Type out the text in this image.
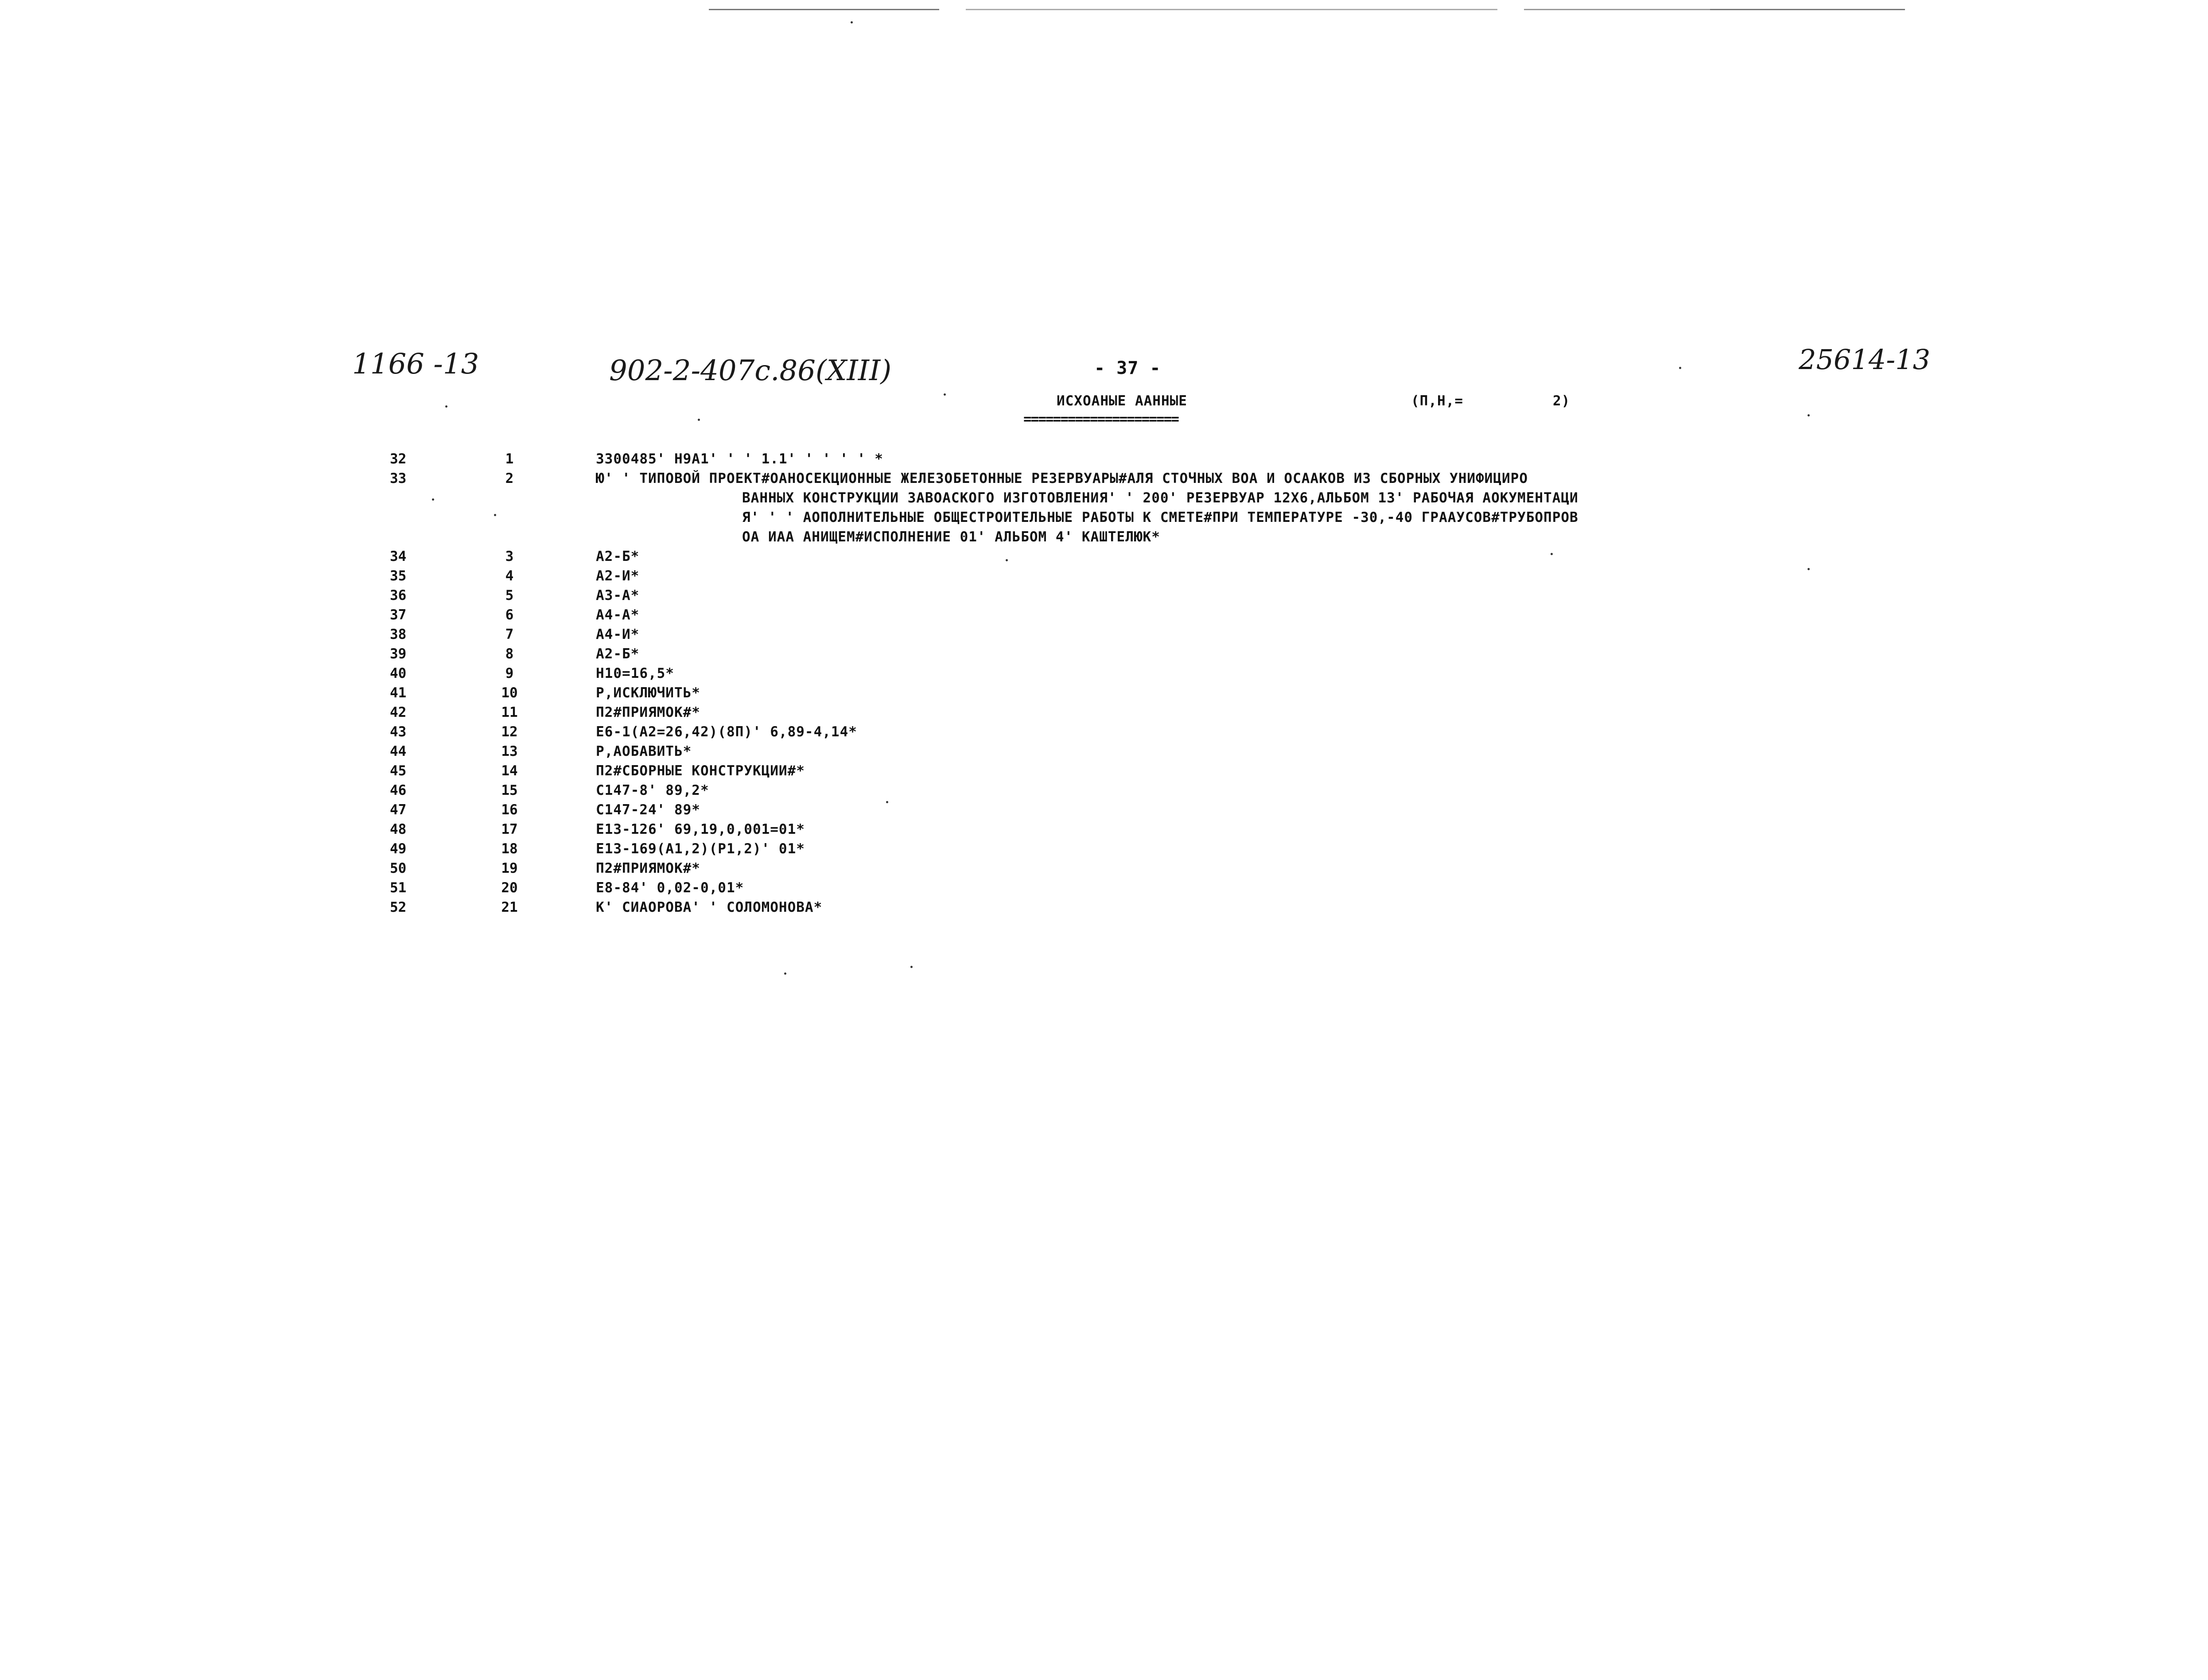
1166 -13	902-2-407c.86(XIII)	25614-13
- 37 -
ИСХОАНЫЕ АAННЫЕ
=====================
(П,Н,=	2)
32	1	3300485' Н9А1' ' ' 1.1' ' ' ' ' *
33	2	Ю' ' ТИПОВОЙ ПРОЕКТ#ОАНОСЕКЦИОННЫЕ ЖЕЛЕЗОБЕТОННЫЕ РЕЗЕРВУАРЫ#АЛЯ СТОЧНЫХ ВОА И ОСААКОВ ИЗ СБОРНЫХ УНИФИЦИРО
ВАННЫХ КОНСТРУКЦИИ ЗАВОАСКОГО ИЗГОТОВЛЕНИЯ' ' 200' РЕЗЕРВУАР 12Х6,АЛЬБОМ 13' РАБОЧАЯ АОКУМЕНТАЦИ
Я' ' ' AОПОЛНИТЕЛЬНЫЕ ОБЩЕСТРОИТЕЛЬНЫЕ РАБОТЫ К СМЕТЕ#ПРИ ТЕМПЕРАТУРЕ -30,-40 ГРААУСОВ#ТРУБОПРОВ
ОА ИАА АНИЩЕМ#ИСПОЛНЕНИЕ 01' АЛЬБОМ 4' КАШТЕЛЮК*
34	3	А2-Б*
35	4	А2-И*
36	5	А3-А*
37	6	А4-А*
38	7	А4-И*
39	8	А2-Б*
40	9	Н10=16,5*
41	10	Р,ИСКЛЮЧИТЬ*
42	11	П2#ПРИЯМОК#*
43	12	Е6-1(А2=26,42)(8П)' 6,89-4,14*
44	13	Р,AОБАВИТЬ*
45	14	П2#СБОРНЫЕ КОНСТРУКЦИИ#*
46	15	С147-8' 89,2*
47	16	С147-24' 89*
48	17	Е13-126' 69,19,0,001=01*
49	18	Е13-169(А1,2)(Р1,2)' 01*
50	19	П2#ПРИЯМОК#*
51	20	Е8-84' 0,02-0,01*
52	21	К' СИАОРОВА' ' СОЛОМОНОВА*
